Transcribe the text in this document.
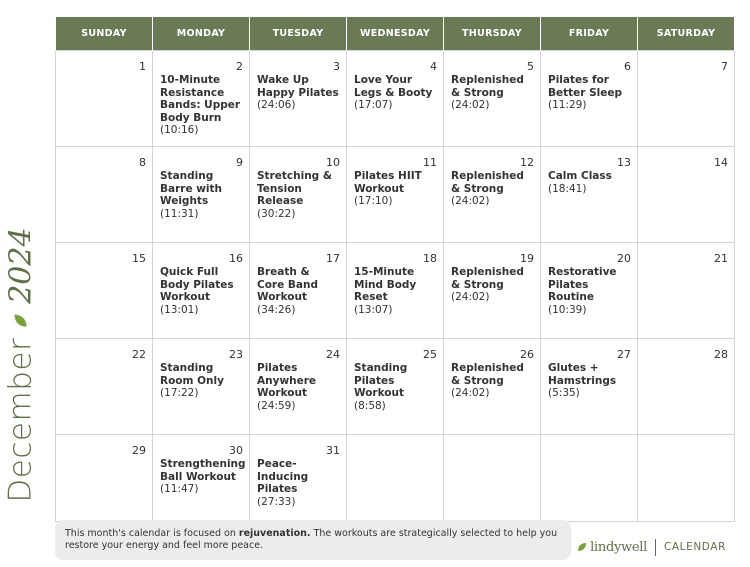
December
2024
SUNDAY	MONDAY	TUESDAY	WEDNESDAY	THURSDAY	FRIDAY	SATURDAY

1	2
10-Minute Resistance Bands: Upper Body Burn
(10:16)	3
Wake Up Happy Pilates
(24:06)	4
Love Your Legs & Booty
(17:07)	5
Replenished & Strong
(24:02)	6
Pilates for Better Sleep
(11:29)	7

8	9
Standing Barre with Weights
(11:31)	10
Stretching & Tension Release
(30:22)	11
Pilates HIIT Workout
(17:10)	12
Replenished & Strong
(24:02)	13
Calm Class
(18:41)	14

15	16
Quick Full Body Pilates Workout
(13:01)	17
Breath & Core Band Workout
(34:26)	18
15-Minute Mind Body Reset
(13:07)	19
Replenished & Strong
(24:02)	20
Restorative Pilates Routine
(10:39)	21

22	23
Standing Room Only
(17:22)	24
Pilates Anywhere Workout
(24:59)	25
Standing Pilates Workout
(8:58)	26
Replenished & Strong
(24:02)	27
Glutes + Hamstrings
(5:35)	28

29	30
Strengthening Ball Workout
(11:47)	31
Peace-Inducing Pilates
(27:33)				

This month's calendar is focused on rejuvenation. The workouts are strategically selected to help you restore your energy and feel more peace.	lindywell CALENDAR
